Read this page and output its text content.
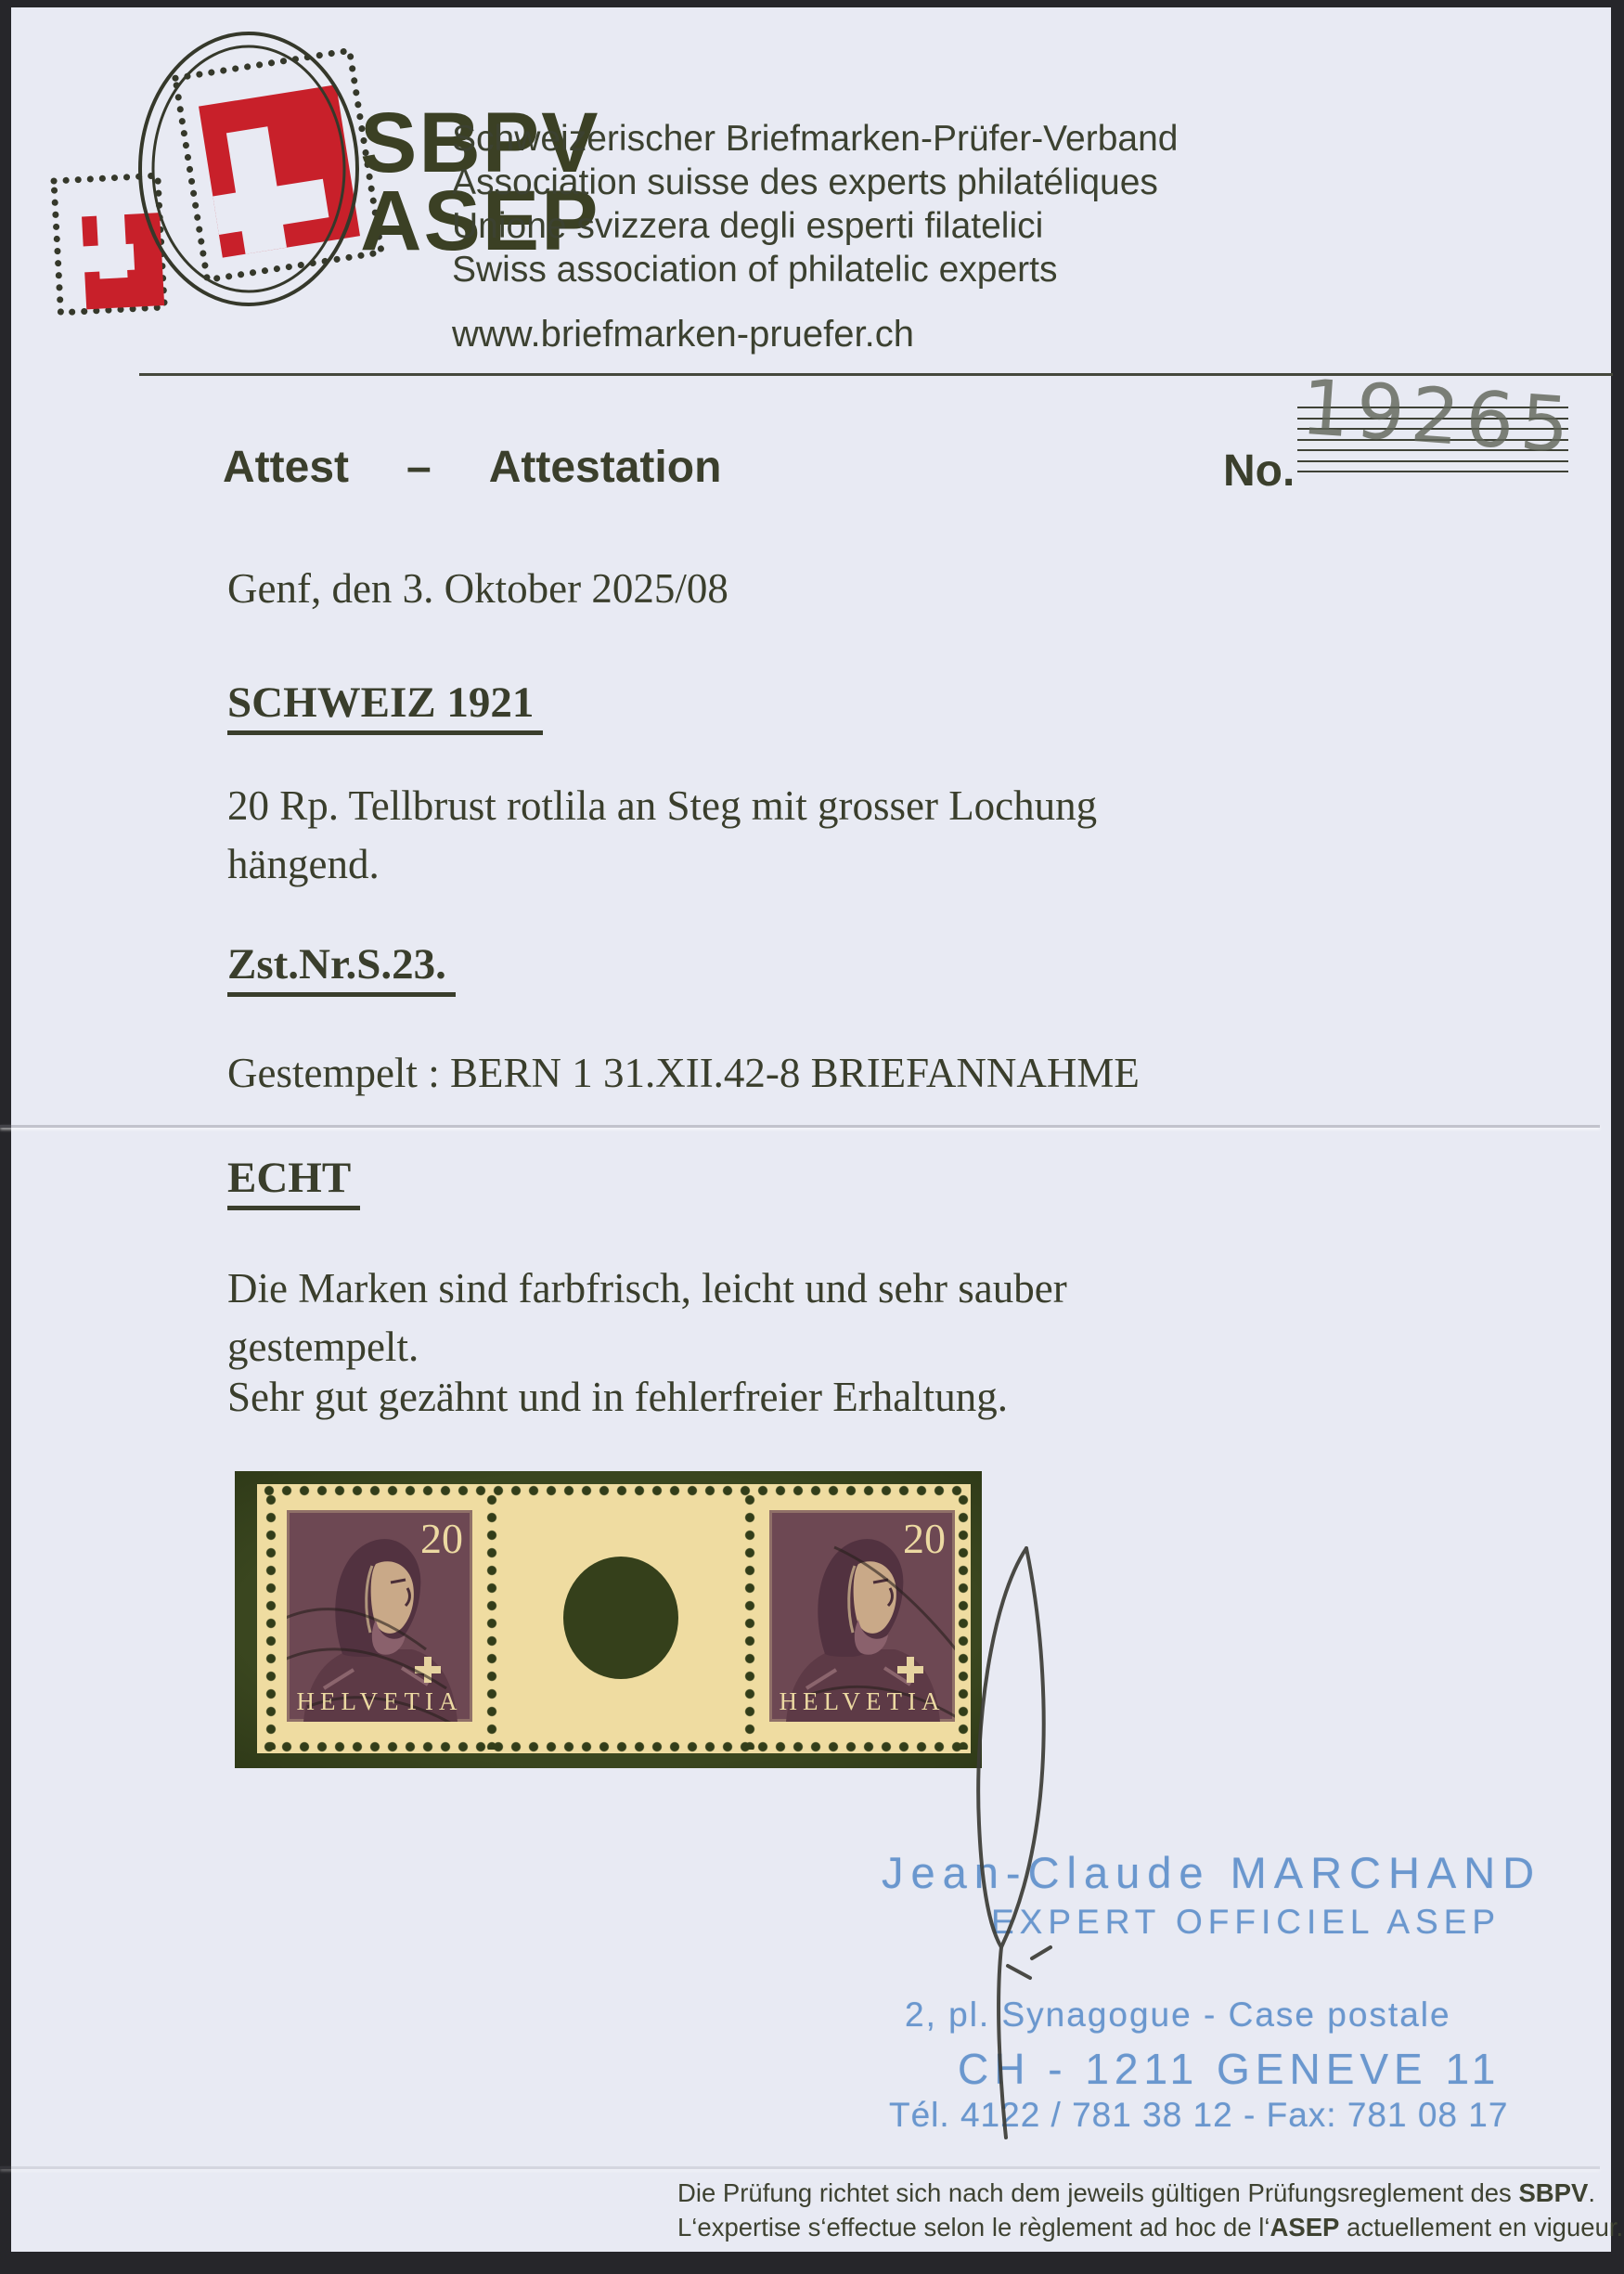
SBPV
ASEP
Schweizerischer Briefmarken-Prüfer-Verband
Association suisse des experts philatéliques
Unione svizzera degli esperti filatelici
Swiss association of philatelic experts
www.briefmarken-pruefer.ch
Attest – Attestation	No.
19265
Genf, den 3. Oktober 2025/08
SCHWEIZ 1921
20 Rp. Tellbrust rotlila an Steg mit grosser Lochung
hängend.
Zst.Nr.S.23.
Gestempelt : BERN 1 31.XII.42-8 BRIEFANNAHME
ECHT
Die Marken sind farbfrisch, leicht und sehr sauber
gestempelt.
Sehr gut gezähnt und in fehlerfreier Erhaltung.
20
HELVETIA
20
HELVETIA
Jean-Claude MARCHAND
EXPERT OFFICIEL ASEP
2, pl. Synagogue - Case postale
CH - 1211 GENEVE 11
Tél. 4122 / 781 38 12 - Fax: 781 08 17
Die Prüfung richtet sich nach dem jeweils gültigen Prüfungsreglement des SBPV.
L‘expertise s‘effectue selon le règlement ad hoc de l‘ASEP actuellement en vigueur.
